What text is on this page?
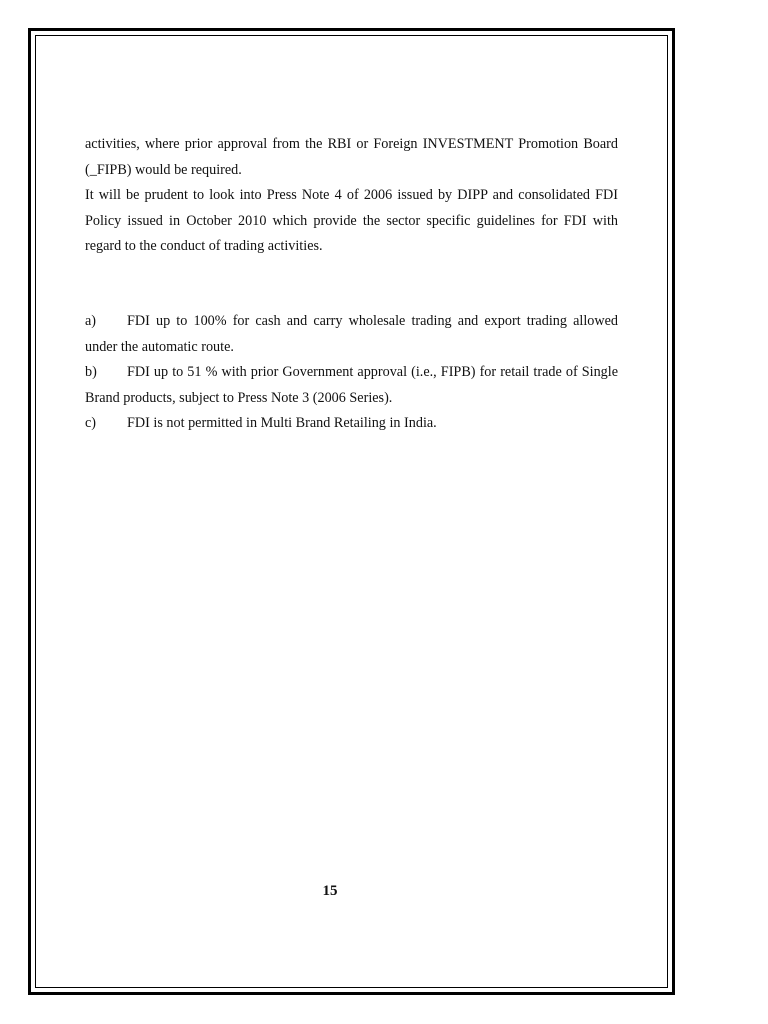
activities, where prior approval from the RBI or Foreign INVESTMENT Promotion Board (_FIPB) would be required.

It will be prudent to look into Press Note 4 of 2006 issued by DIPP and consolidated FDI Policy issued in October 2010 which provide the sector specific guidelines for FDI with regard to the conduct of trading activities.

a) FDI up to 100% for cash and carry wholesale trading and export trading allowed under the automatic route.

b) FDI up to 51 % with prior Government approval (i.e., FIPB) for retail trade of Single Brand products, subject to Press Note 3 (2006 Series).

c) FDI is not permitted in Multi Brand Retailing in India.

15
